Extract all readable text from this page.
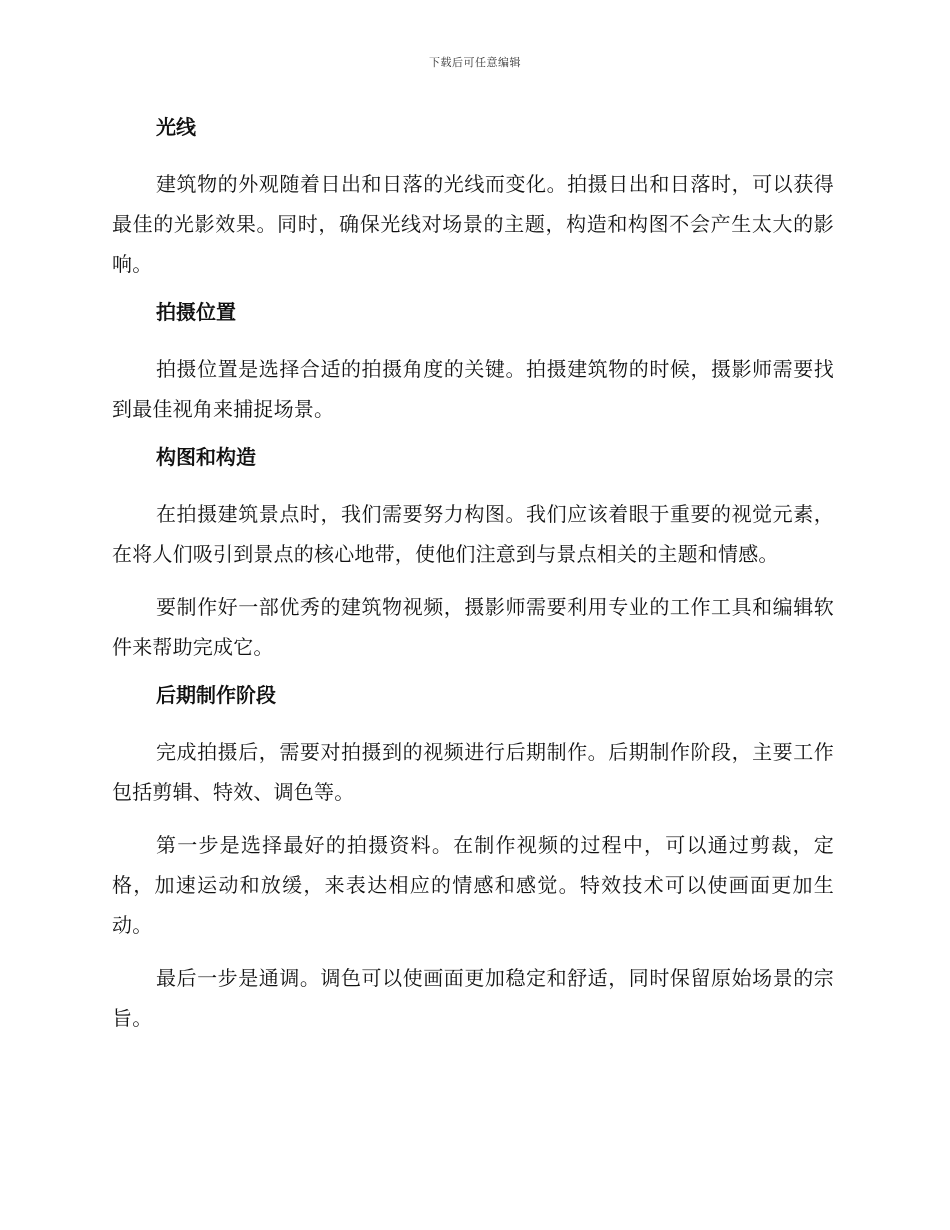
下载后可任意编辑
光线

建筑物的外观随着日出和日落的光线而变化。拍摄日出和日落时，可以获得最佳的光影效果。同时，确保光线对场景的主题，构造和构图不会产生太大的影响。

拍摄位置

拍摄位置是选择合适的拍摄角度的关键。拍摄建筑物的时候，摄影师需要找到最佳视角来捕捉场景。

构图和构造

在拍摄建筑景点时，我们需要努力构图。我们应该着眼于重要的视觉元素，在将人们吸引到景点的核心地带，使他们注意到与景点相关的主题和情感。

要制作好一部优秀的建筑物视频，摄影师需要利用专业的工作工具和编辑软件来帮助完成它。

后期制作阶段

完成拍摄后，需要对拍摄到的视频进行后期制作。后期制作阶段，主要工作包括剪辑、特效、调色等。

第一步是选择最好的拍摄资料。在制作视频的过程中，可以通过剪裁，定格，加速运动和放缓，来表达相应的情感和感觉。特效技术可以使画面更加生动。

最后一步是通调。调色可以使画面更加稳定和舒适，同时保留原始场景的宗旨。
